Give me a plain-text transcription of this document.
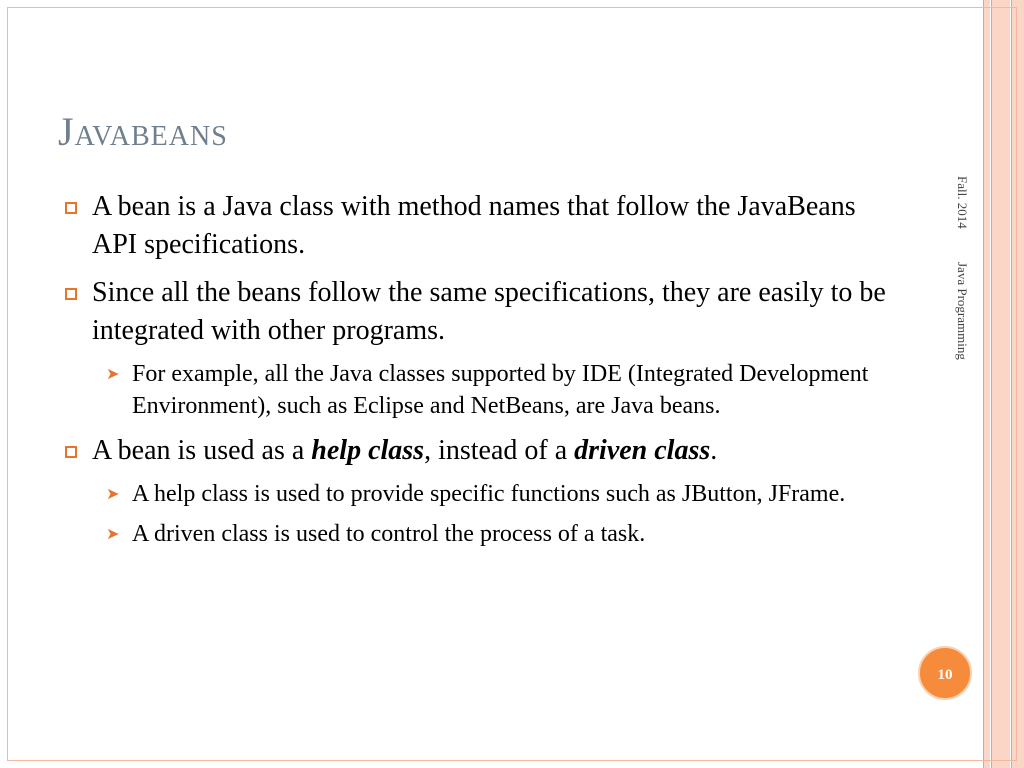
Javabeans
A bean is a Java class with method names that follow the JavaBeans API specifications.
Since all the beans follow the same specifications, they are easily to be integrated with other programs.
➤ For example, all the Java classes supported by IDE (Integrated Development Environment), such as Eclipse and NetBeans, are Java beans.
A bean is used as a help class, instead of a driven class.
➤ A help class is used to provide specific functions such as JButton, JFrame.
➤ A driven class is used to control the process of a task.
Fall. 2014 Java Programming
10
